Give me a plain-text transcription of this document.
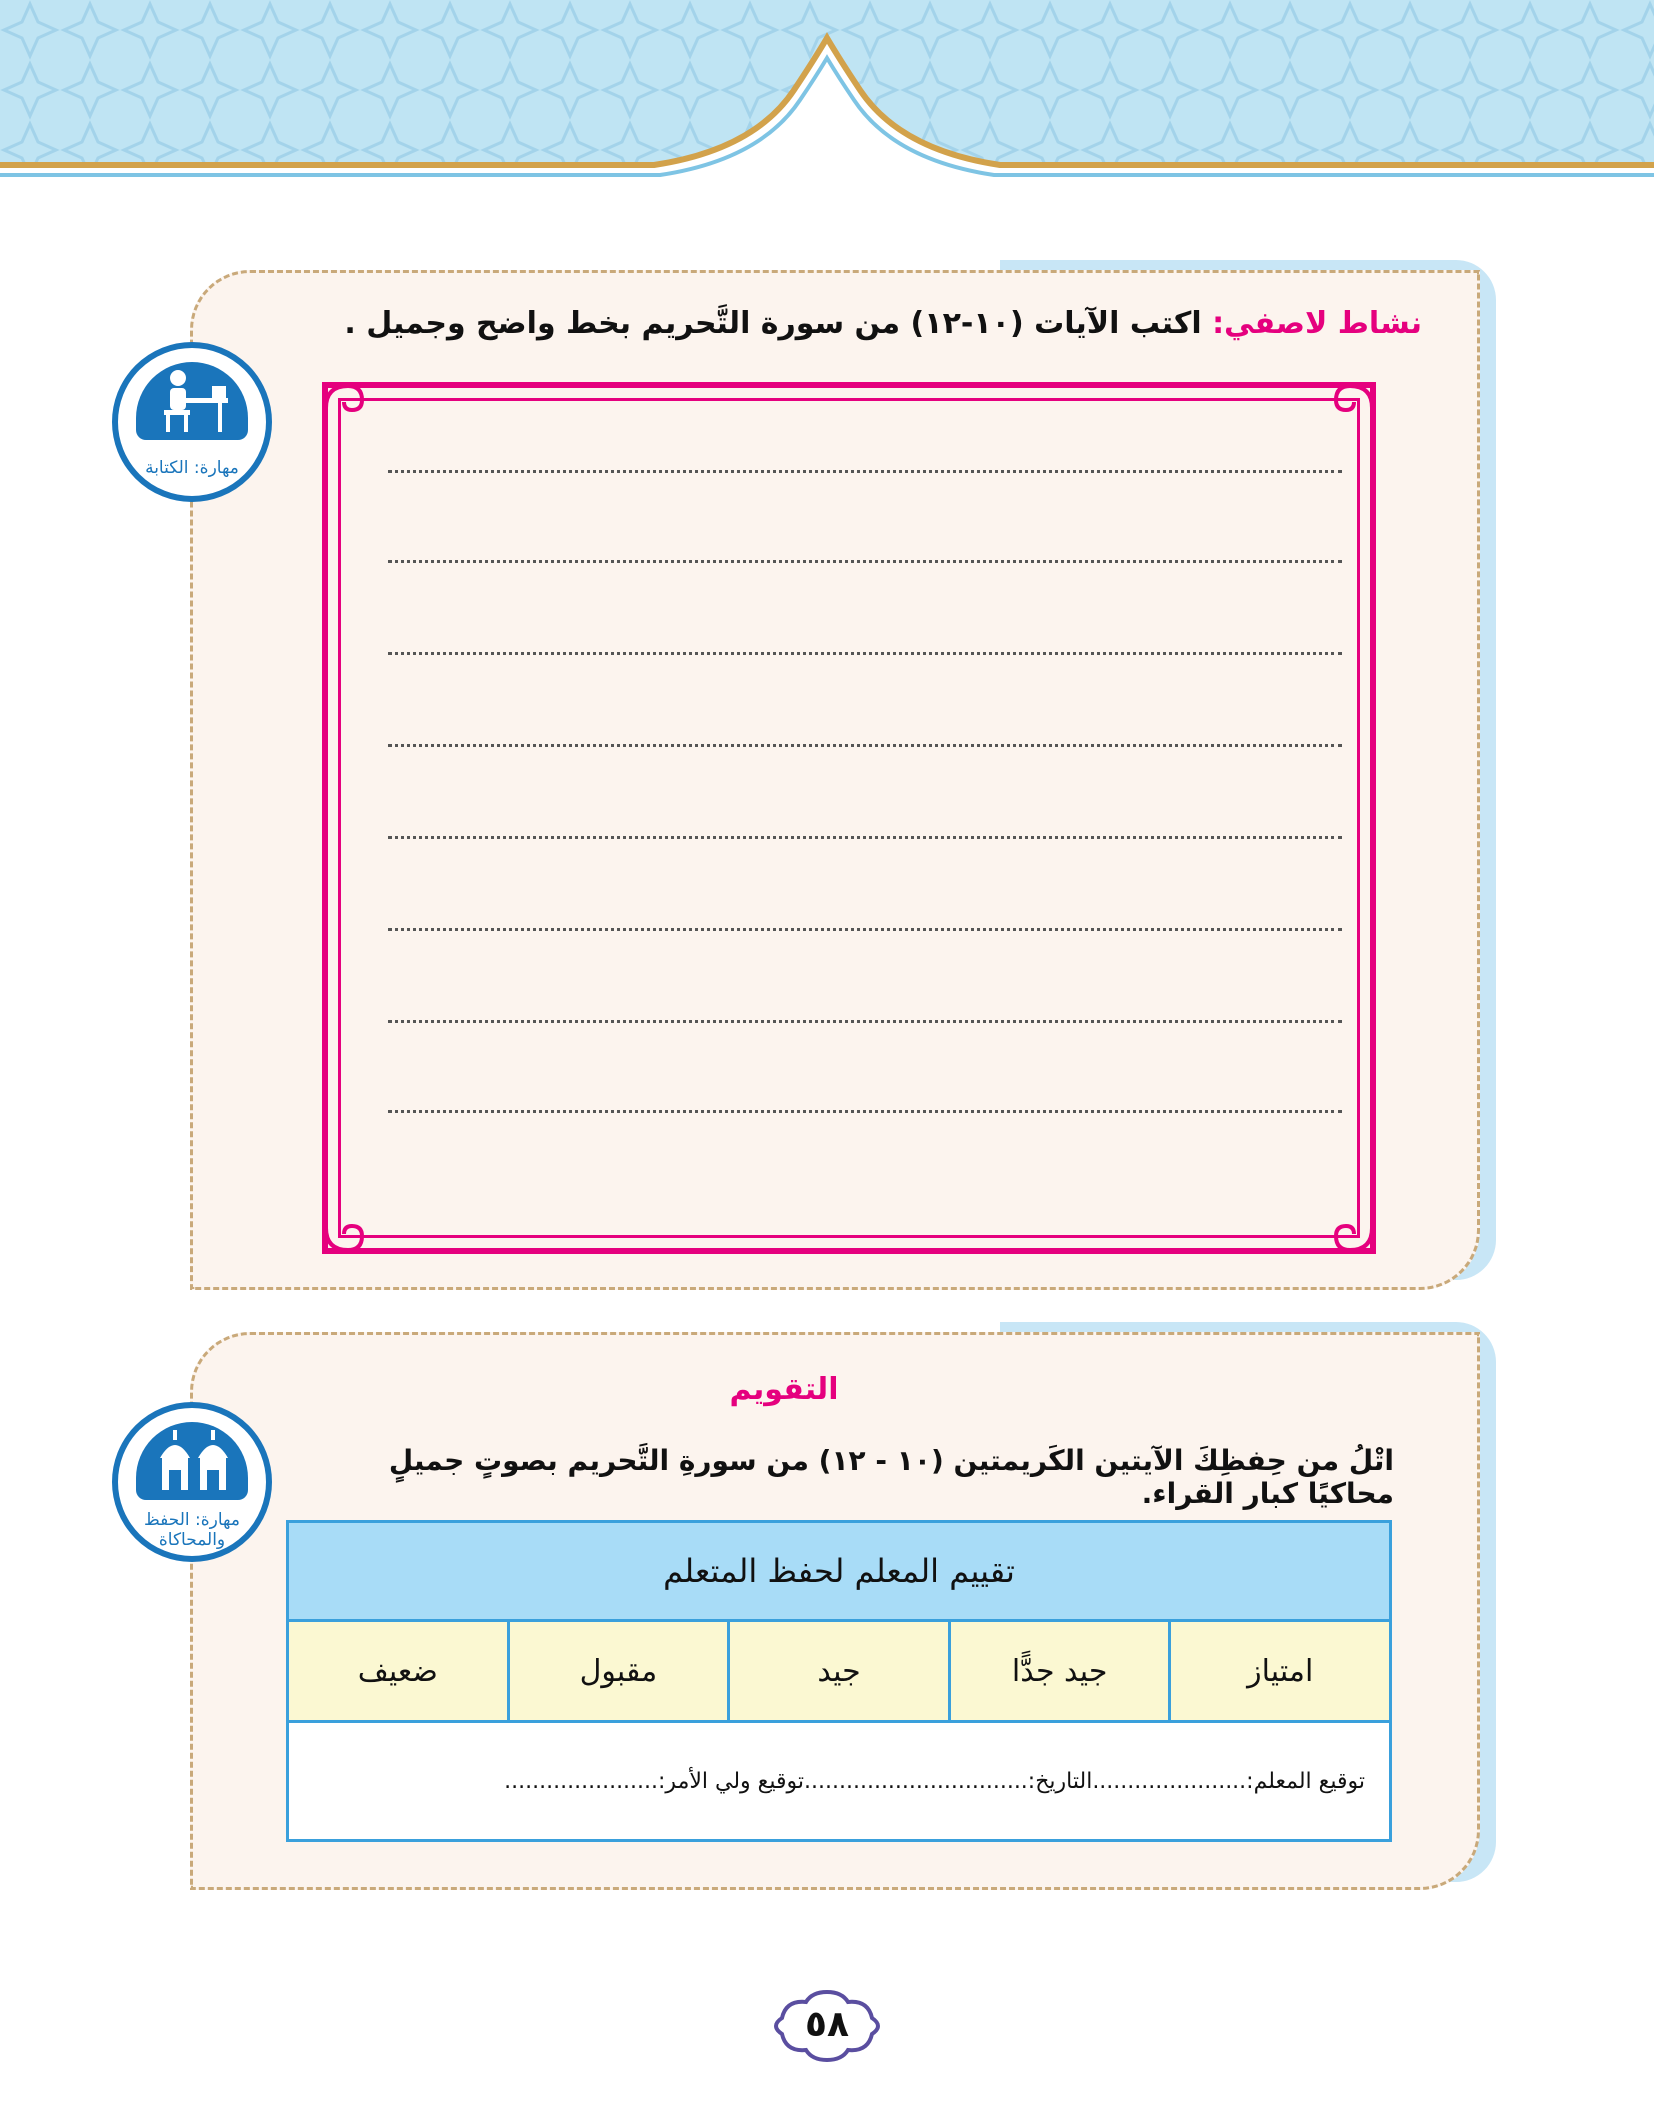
نشاط لاصفي: اكتب الآيات (١٠-١٢) من سورة التَّحريم بخط واضح وجميل .
مهارة: الكتابة
التقويم
اتْلُ من حِفظِكَ الآيتين الكَريمتين (١٠ - ١٢) من سورةِ التَّحريم بصوتٍ جميلٍ محاكيًا كبار القراء.
مهارة: الحفظ
والمحاكاة
تقييم المعلم لحفظ المتعلم
امتياز
جيد جدًّا
جيد
مقبول
ضعيف
توقيع المعلم:......................التاريخ:................................توقيع ولي الأمر:......................
٥٨
